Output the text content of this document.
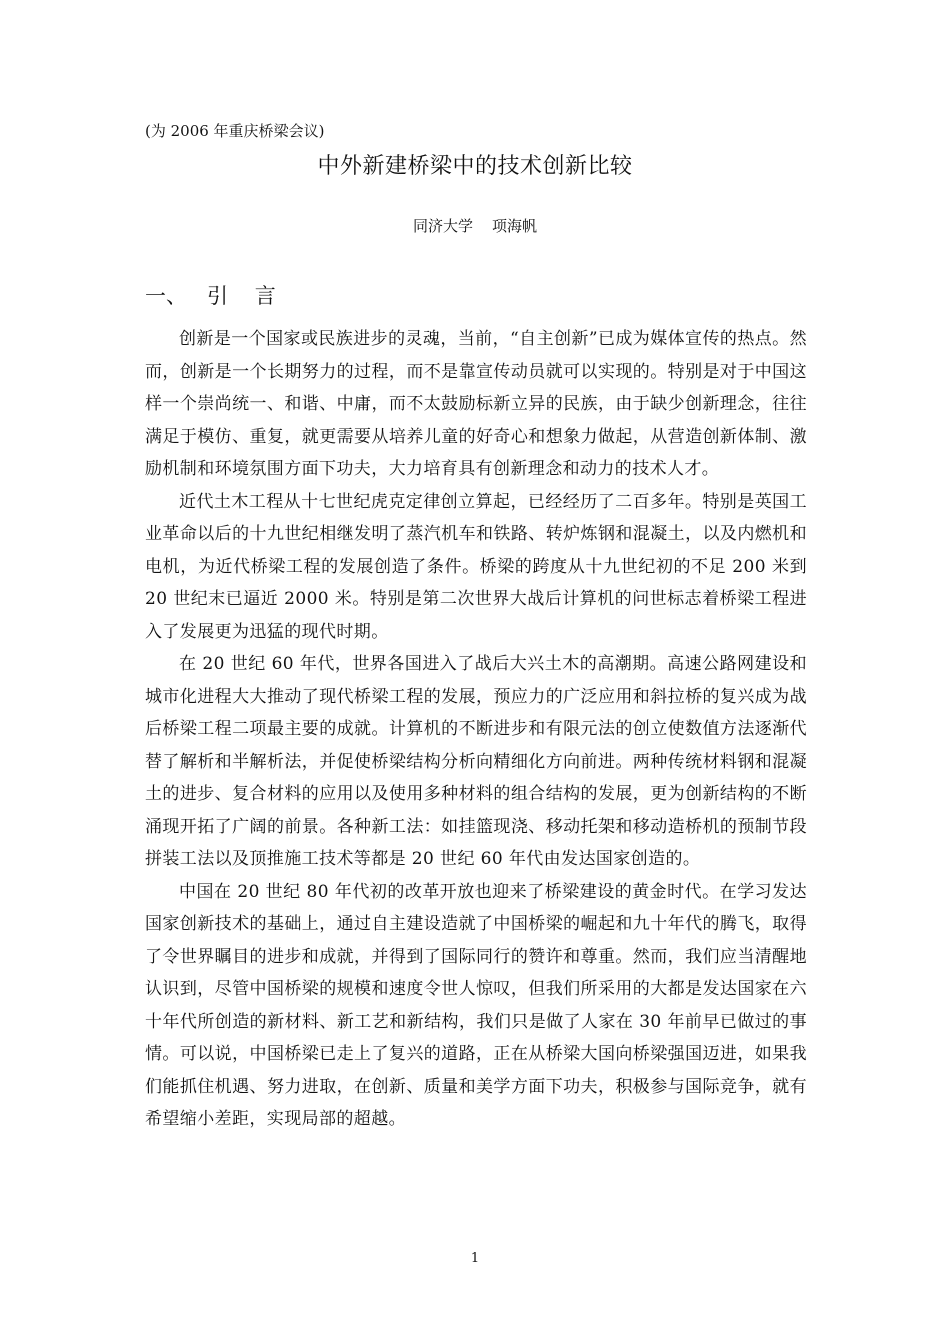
(为 2006 年重庆桥梁会议)
中外新建桥梁中的技术创新比较
同济大学    项海帆
一、   引    言

创新是一个国家或民族进步的灵魂，当前，“自主创新”已成为媒体宣传的热点。然而，创新是一个长期努力的过程，而不是靠宣传动员就可以实现的。特别是对于中国这样一个崇尚统一、和谐、中庸，而不太鼓励标新立异的民族，由于缺少创新理念，往往满足于模仿、重复，就更需要从培养儿童的好奇心和想象力做起，从营造创新体制、激励机制和环境氛围方面下功夫，大力培育具有创新理念和动力的技术人才。

近代土木工程从十七世纪虎克定律创立算起，已经经历了二百多年。特别是英国工业革命以后的十九世纪相继发明了蒸汽机车和铁路、转炉炼钢和混凝土，以及内燃机和电机，为近代桥梁工程的发展创造了条件。桥梁的跨度从十九世纪初的不足 200 米到 20 世纪末已逼近 2000 米。特别是第二次世界大战后计算机的问世标志着桥梁工程进入了发展更为迅猛的现代时期。

在 20 世纪 60 年代，世界各国进入了战后大兴土木的高潮期。高速公路网建设和城市化进程大大推动了现代桥梁工程的发展，预应力的广泛应用和斜拉桥的复兴成为战后桥梁工程二项最主要的成就。计算机的不断进步和有限元法的创立使数值方法逐渐代替了解析和半解析法，并促使桥梁结构分析向精细化方向前进。两种传统材料钢和混凝土的进步、复合材料的应用以及使用多种材料的组合结构的发展，更为创新结构的不断涌现开拓了广阔的前景。各种新工法：如挂篮现浇、移动托架和移动造桥机的预制节段拼装工法以及顶推施工技术等都是 20 世纪 60 年代由发达国家创造的。

中国在 20 世纪 80 年代初的改革开放也迎来了桥梁建设的黄金时代。在学习发达国家创新技术的基础上，通过自主建设造就了中国桥梁的崛起和九十年代的腾飞，取得了令世界瞩目的进步和成就，并得到了国际同行的赞许和尊重。然而，我们应当清醒地认识到，尽管中国桥梁的规模和速度令世人惊叹，但我们所采用的大都是发达国家在六十年代所创造的新材料、新工艺和新结构，我们只是做了人家在 30 年前早已做过的事情。可以说，中国桥梁已走上了复兴的道路，正在从桥梁大国向桥梁强国迈进，如果我们能抓住机遇、努力进取，在创新、质量和美学方面下功夫，积极参与国际竞争，就有希望缩小差距，实现局部的超越。

1
